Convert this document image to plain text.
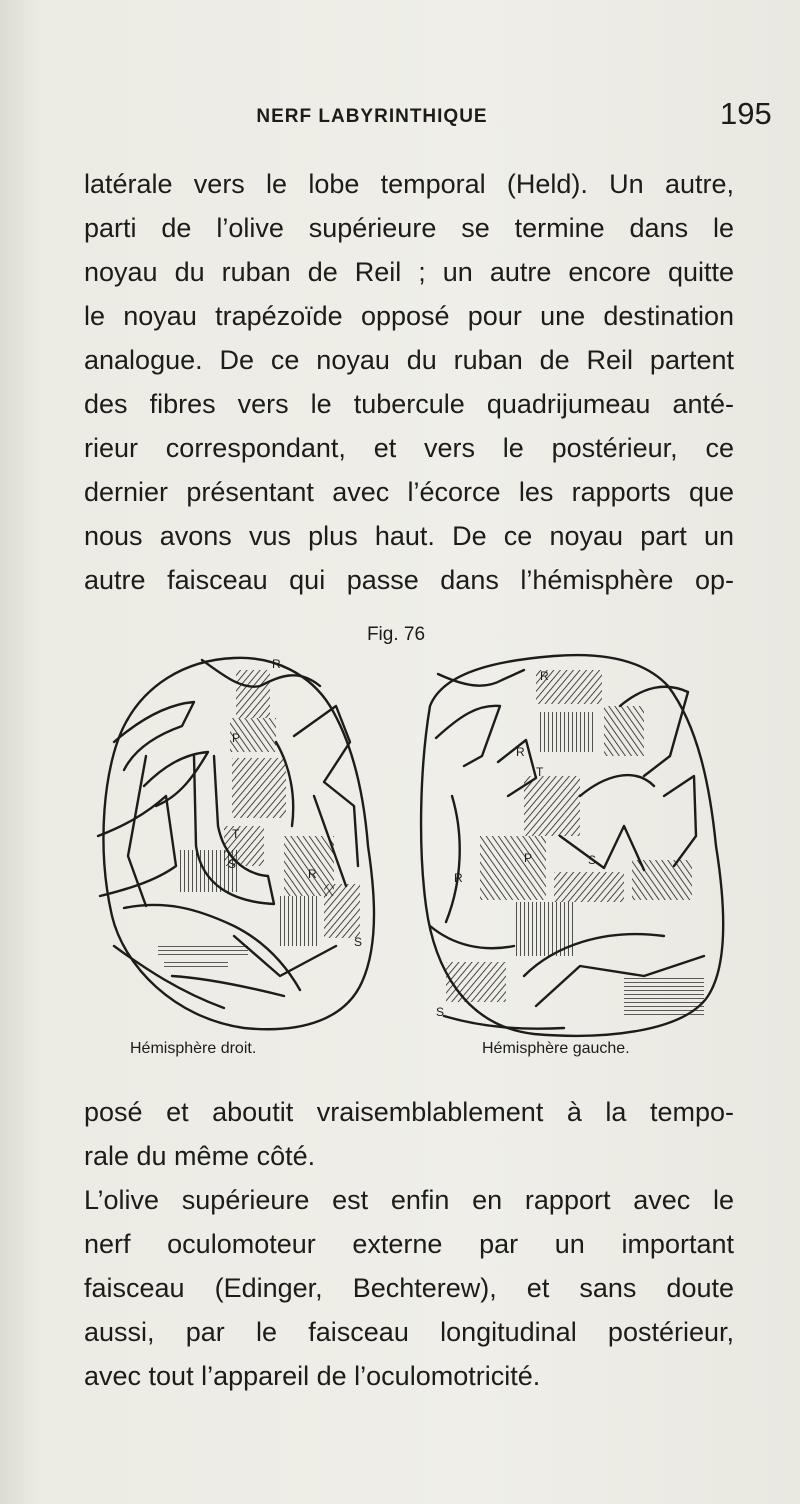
NERF LABYRINTHIQUE	195
latérale vers le lobe temporal (Held). Un autre,
parti de l’olive supérieure se termine dans le
noyau du ruban de Reil ; un autre encore quitte
le noyau trapézoïde opposé pour une destination
analogue. De ce noyau du ruban de Reil partent
des fibres vers le tubercule quadrijumeau anté-
rieur correspondant, et vers le postérieur, ce
dernier présentant avec l’écorce les rapports que
nous avons vus plus haut. De ce noyau part un
autre faisceau qui passe dans l’hémisphère op-
Fig. 76
R
P
T
S
R
S
R
R
T
P	S
R
S
Hémisphère droit.	Hémisphère gauche.
posé et aboutit vraisemblablement à la tempo-
rale du même côté.
L’olive supérieure est enfin en rapport avec le
nerf oculomoteur externe par un important
faisceau (Edinger, Bechterew), et sans doute
aussi, par le faisceau longitudinal postérieur,
avec tout l’appareil de l’oculomotricité.
